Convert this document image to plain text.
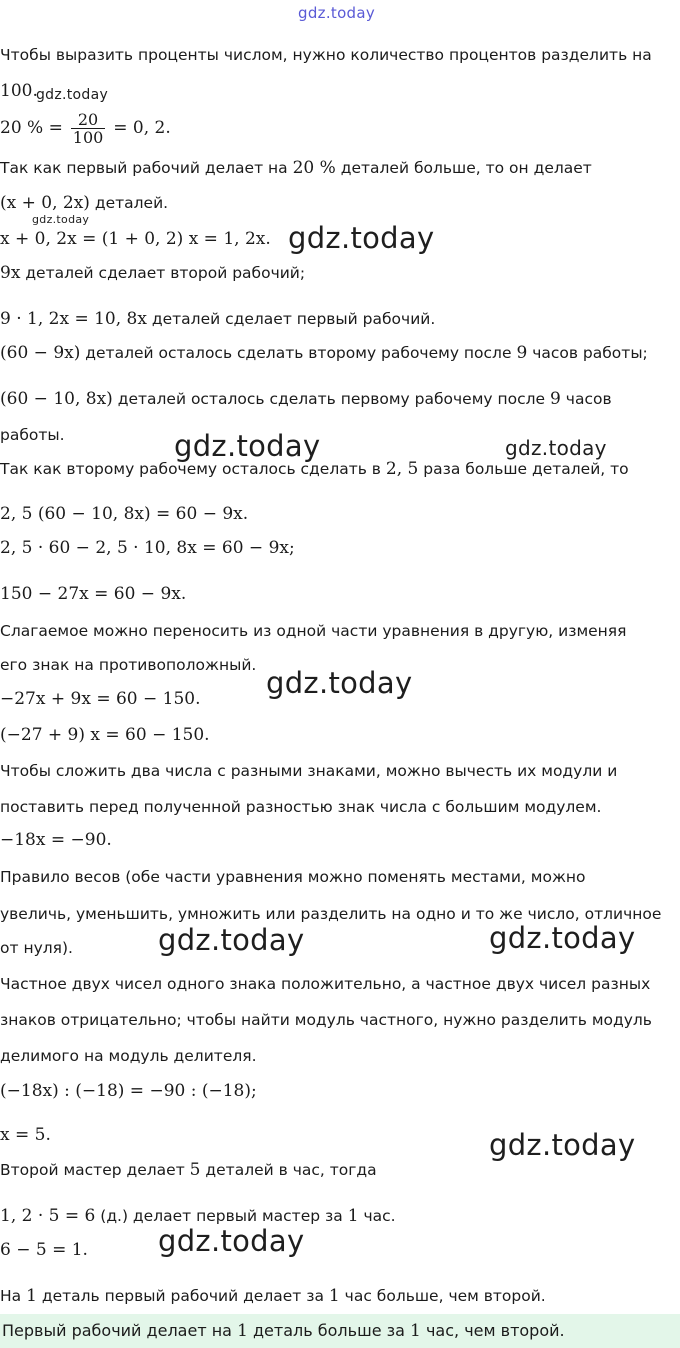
gdz.today
Чтобы выразить проценты числом, нужно количество процентов разделить на
100.
20 % = $\frac{20}{100} = 0$, 2.
Так как первый рабочий делает на 20 % деталей больше, то он делает
(x + 0, 2x) деталей.
x + 0, 2x = (1 + 0, 2) x = 1, 2x.
9x деталей сделает второй рабочий;
9 · 1, 2x = 10, 8x деталей сделает первый рабочий.
(60 − 9x) деталей осталось сделать второму рабочему после 9 часов работы;
(60 − 10, 8x) деталей осталось сделать первому рабочему после 9 часов
работы.
Так как второму рабочему осталось сделать в 2, 5 раза больше деталей, то
2, 5 (60 − 10, 8x) = 60 − 9x.
2, 5 · 60 − 2, 5 · 10, 8x = 60 − 9x;
150 − 27x = 60 − 9x.
Слагаемое можно переносить из одной части уравнения в другую, изменяя
его знак на противоположный.
−27x + 9x = 60 − 150.
(−27 + 9) x = 60 − 150.
Чтобы сложить два числа с разными знаками, можно вычесть их модули и
поставить перед полученной разностью знак числа с большим модулем.
−18x = −90.
Правило весов (обе части уравнения можно поменять местами, можно
увеличь, уменьшить, умножить или разделить на одно и то же число, отличное
от нуля).
Частное двух чисел одного знака положительно, а частное двух чисел разных
знаков отрицательно; чтобы найти модуль частного, нужно разделить модуль
делимого на модуль делителя.
(−18x) : (−18) = −90 : (−18);
x = 5.
Второй мастер делает 5 деталей в час, тогда
1, 2 · 5 = 6 (д.) делает первый мастер за 1 час.
6 − 5 = 1.
На 1 деталь первый рабочий делает за 1 час больше, чем второй.
Первый рабочий делает на 1 деталь больше за 1 час, чем второй.
gdz.today
gdz.today
gdz.today
gdz.today	gdz.today
gdz.today
gdz.today	gdz.today
gdz.today
gdz.today
